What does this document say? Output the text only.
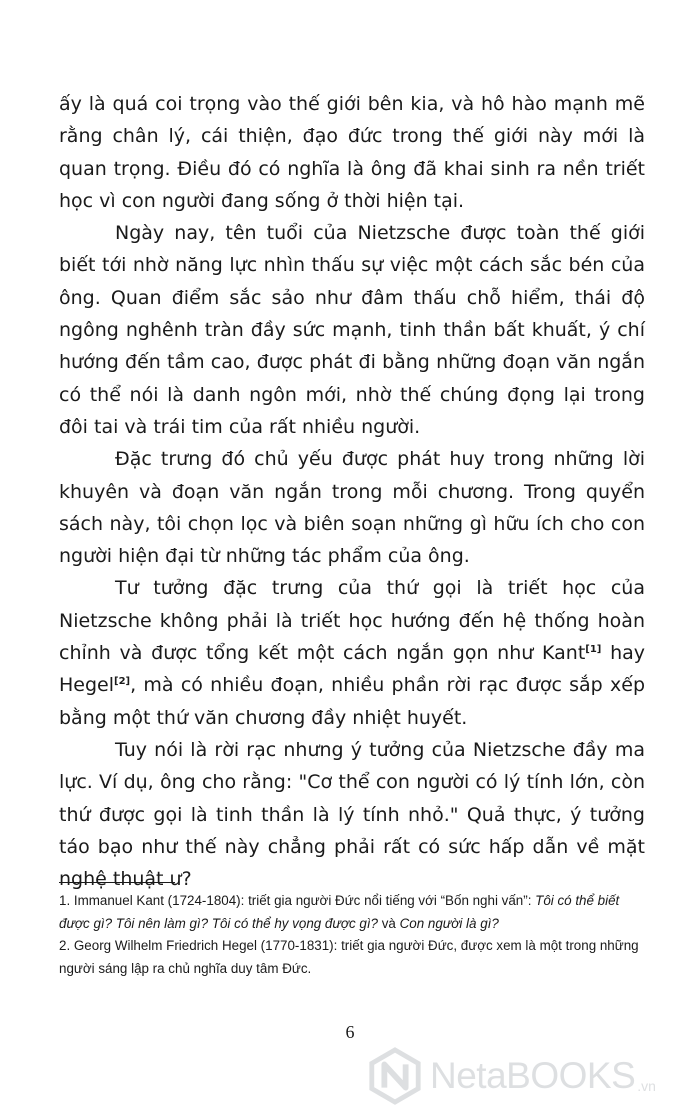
ấy là quá coi trọng vào thế giới bên kia, và hô hào mạnh mẽ rằng chân lý, cái thiện, đạo đức trong thế giới này mới là quan trọng. Điều đó có nghĩa là ông đã khai sinh ra nền triết học vì con người đang sống ở thời hiện tại.

Ngày nay, tên tuổi của Nietzsche được toàn thế giới biết tới nhờ năng lực nhìn thấu sự việc một cách sắc bén của ông. Quan điểm sắc sảo như đâm thấu chỗ hiểm, thái độ ngông nghênh tràn đầy sức mạnh, tinh thần bất khuất, ý chí hướng đến tầm cao, được phát đi bằng những đoạn văn ngắn có thể nói là danh ngôn mới, nhờ thế chúng đọng lại trong đôi tai và trái tim của rất nhiều người.

Đặc trưng đó chủ yếu được phát huy trong những lời khuyên và đoạn văn ngắn trong mỗi chương. Trong quyển sách này, tôi chọn lọc và biên soạn những gì hữu ích cho con người hiện đại từ những tác phẩm của ông.

Tư tưởng đặc trưng của thứ gọi là triết học của Nietzsche không phải là triết học hướng đến hệ thống hoàn chỉnh và được tổng kết một cách ngắn gọn như Kant[1] hay Hegel[2], mà có nhiều đoạn, nhiều phần rời rạc được sắp xếp bằng một thứ văn chương đầy nhiệt huyết.

Tuy nói là rời rạc nhưng ý tưởng của Nietzsche đầy ma lực. Ví dụ, ông cho rằng: "Cơ thể con người có lý tính lớn, còn thứ được gọi là tinh thần là lý tính nhỏ." Quả thực, ý tưởng táo bạo như thế này chẳng phải rất có sức hấp dẫn về mặt nghệ thuật ư?

1. Immanuel Kant (1724-1804): triết gia người Đức nổi tiếng với “Bốn nghi vấn”: Tôi có thể biết được gì? Tôi nên làm gì? Tôi có thể hy vọng được gì? và Con người là gì?

2. Georg Wilhelm Friedrich Hegel (1770-1831): triết gia người Đức, được xem là một trong những người sáng lập ra chủ nghĩa duy tâm Đức.

6
NetaBOOKS .vn
